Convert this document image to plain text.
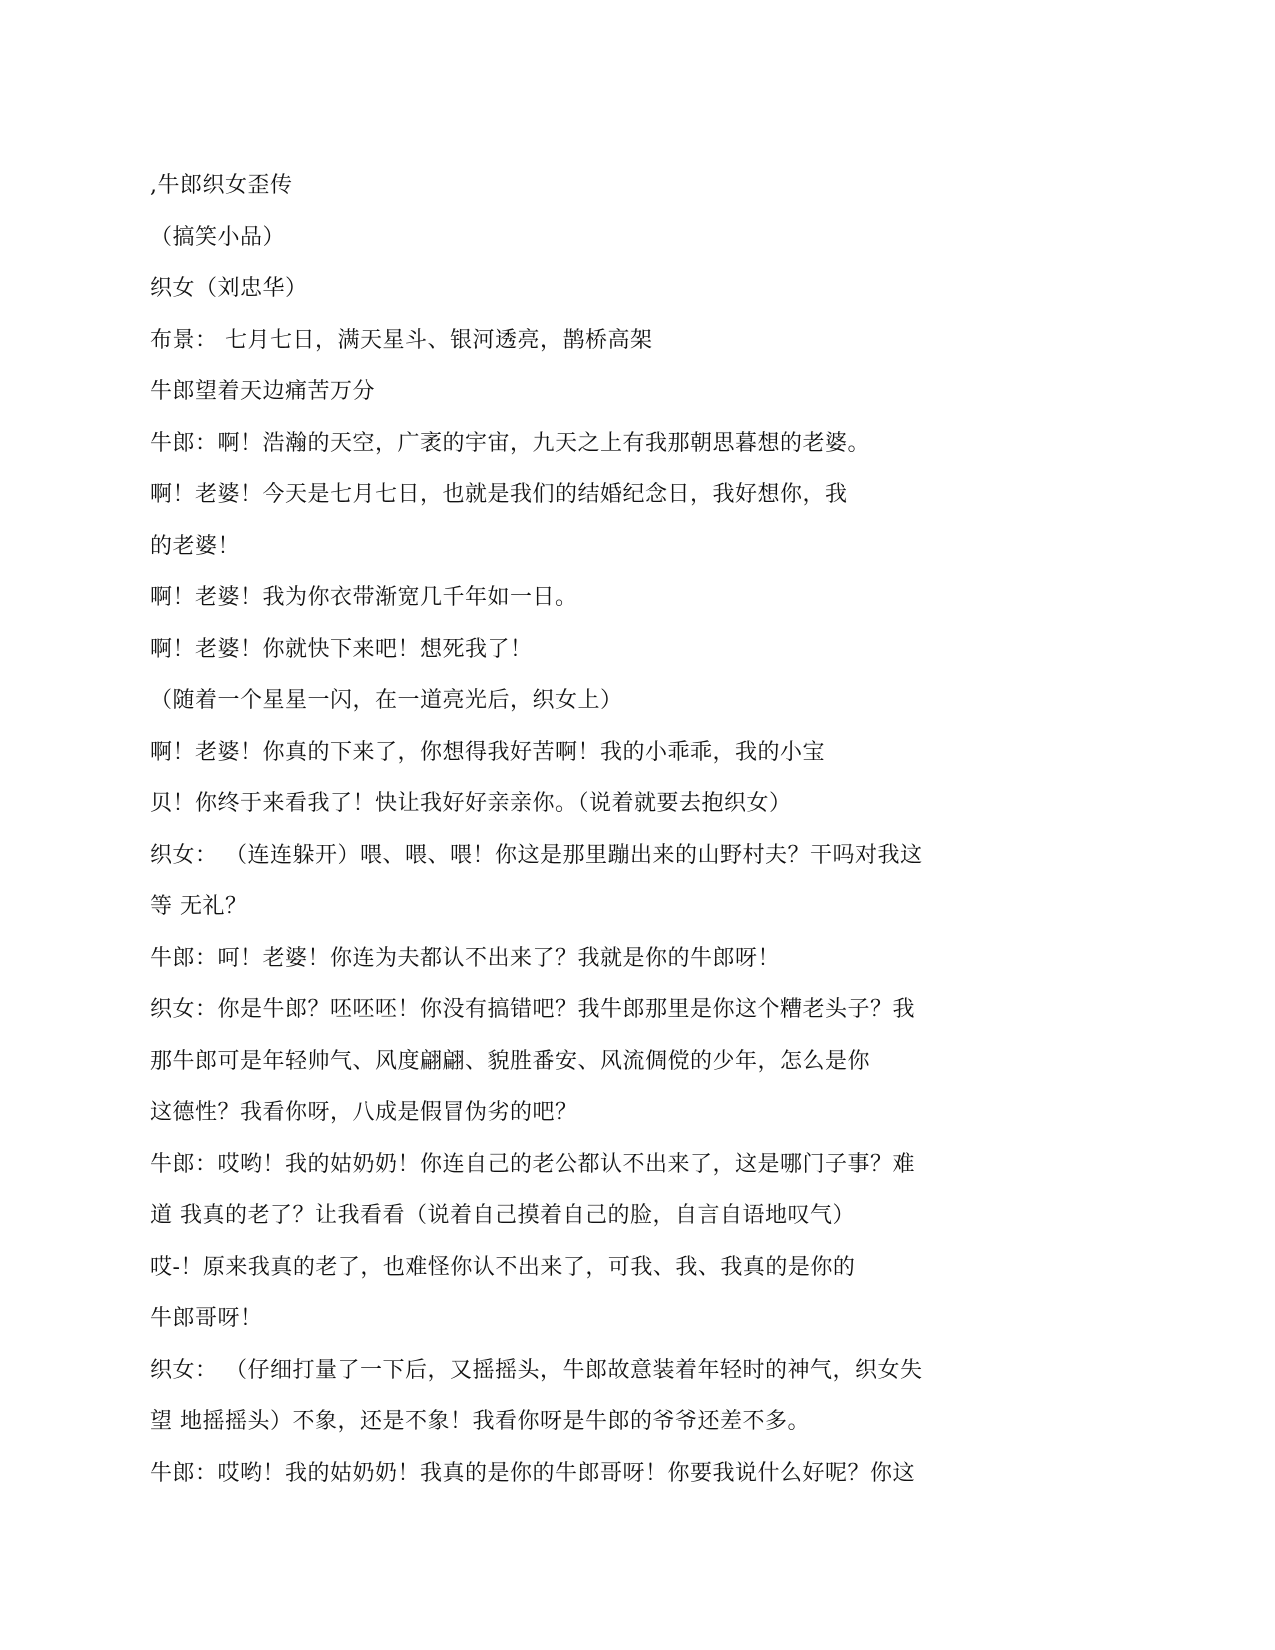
,牛郎织女歪传
（搞笑小品）
织女（刘忠华）
布景： 七月七日，满天星斗、银河透亮，鹊桥高架
牛郎望着天边痛苦万分
牛郎：啊！浩瀚的天空，广袤的宇宙，九天之上有我那朝思暮想的老婆。
啊！老婆！今天是七月七日，也就是我们的结婚纪念日，我好想你，我
的老婆！
啊！老婆！我为你衣带渐宽几千年如一日。
啊！老婆！你就快下来吧！想死我了！
（随着一个星星一闪，在一道亮光后，织女上）
啊！老婆！你真的下来了，你想得我好苦啊！我的小乖乖，我的小宝
贝！你终于来看我了！快让我好好亲亲你。（说着就要去抱织女）
织女： （连连躲开）喂、喂、喂！你这是那里蹦出来的山野村夫？干吗对我这
等 无礼？
牛郎：呵！老婆！你连为夫都认不出来了？我就是你的牛郎呀！
织女：你是牛郎？呸呸呸！你没有搞错吧？我牛郎那里是你这个糟老头子？我
那牛郎可是年轻帅气、风度翩翩、貌胜番安、风流倜傥的少年，怎么是你
这德性？我看你呀，八成是假冒伪劣的吧？
牛郎：哎哟！我的姑奶奶！你连自己的老公都认不出来了，这是哪门子事？难
道 我真的老了？让我看看（说着自己摸着自己的脸，自言自语地叹气）
哎-！原来我真的老了，也难怪你认不出来了，可我、我、我真的是你的
牛郎哥呀！
织女： （仔细打量了一下后，又摇摇头，牛郎故意装着年轻时的神气，织女失
望 地摇摇头）不象，还是不象！我看你呀是牛郎的爷爷还差不多。
牛郎：哎哟！我的姑奶奶！我真的是你的牛郎哥呀！你要我说什么好呢？你这
